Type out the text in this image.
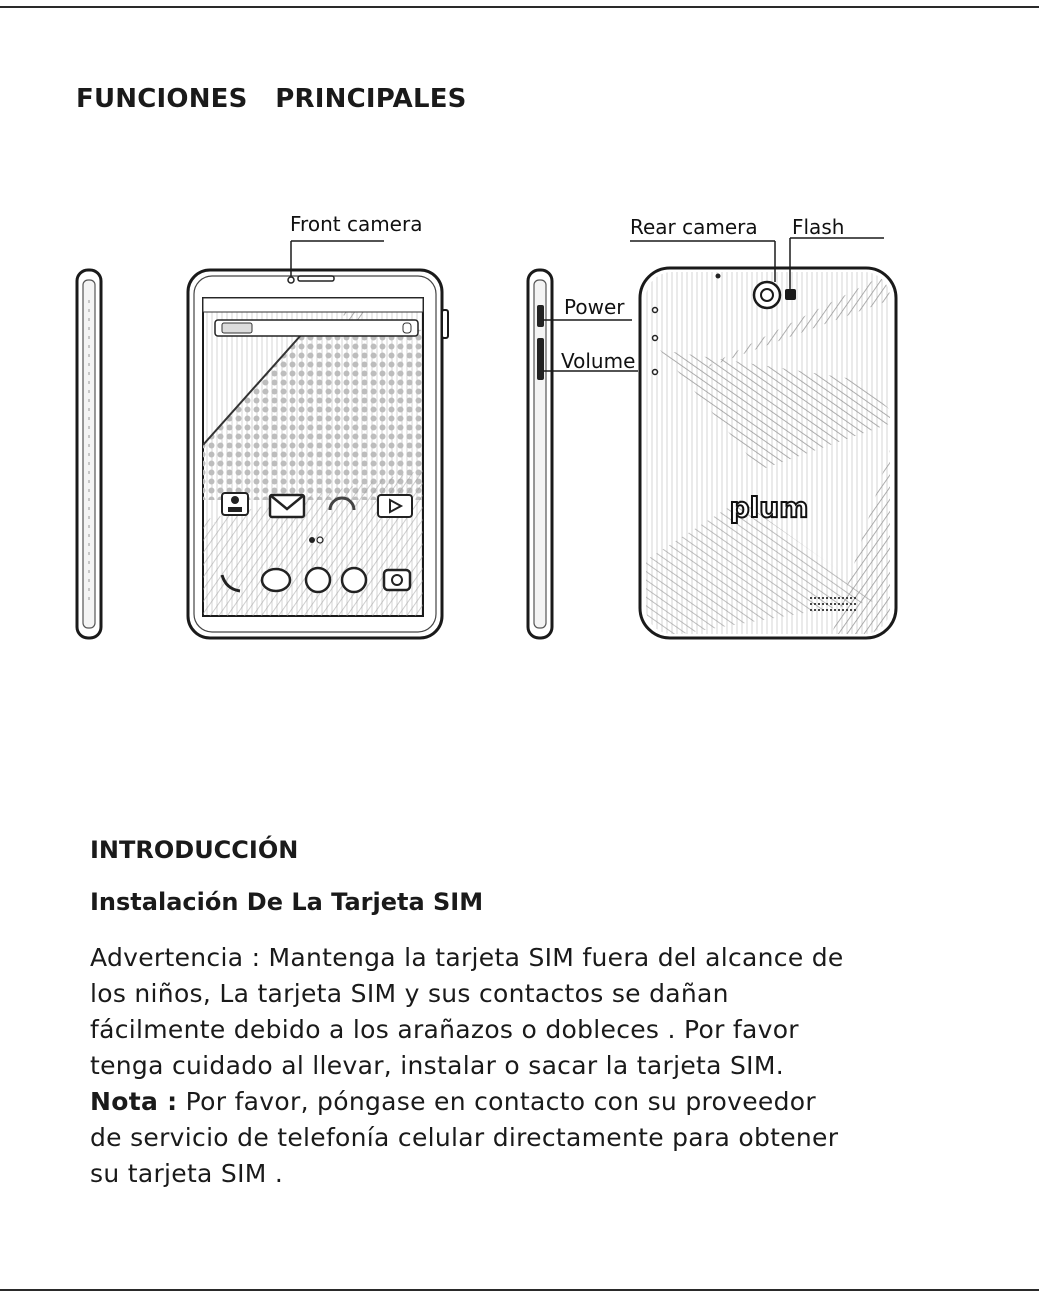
FUNCIONES   PRINCIPALES
plum
Front camera	Rear camera Flash
Power
Volume
INTRODUCCIÓN
Instalación De La Tarjeta SIM
Advertencia : Mantenga la tarjeta SIM fuera del alcance de
los niños, La tarjeta SIM y sus contactos se dañan
fácilmente debido a los arañazos o dobleces . Por favor
tenga cuidado al llevar, instalar o sacar la tarjeta SIM.
Nota : Por favor, póngase en contacto con su proveedor
de servicio de telefonía celular directamente para obtener
su tarjeta SIM .
